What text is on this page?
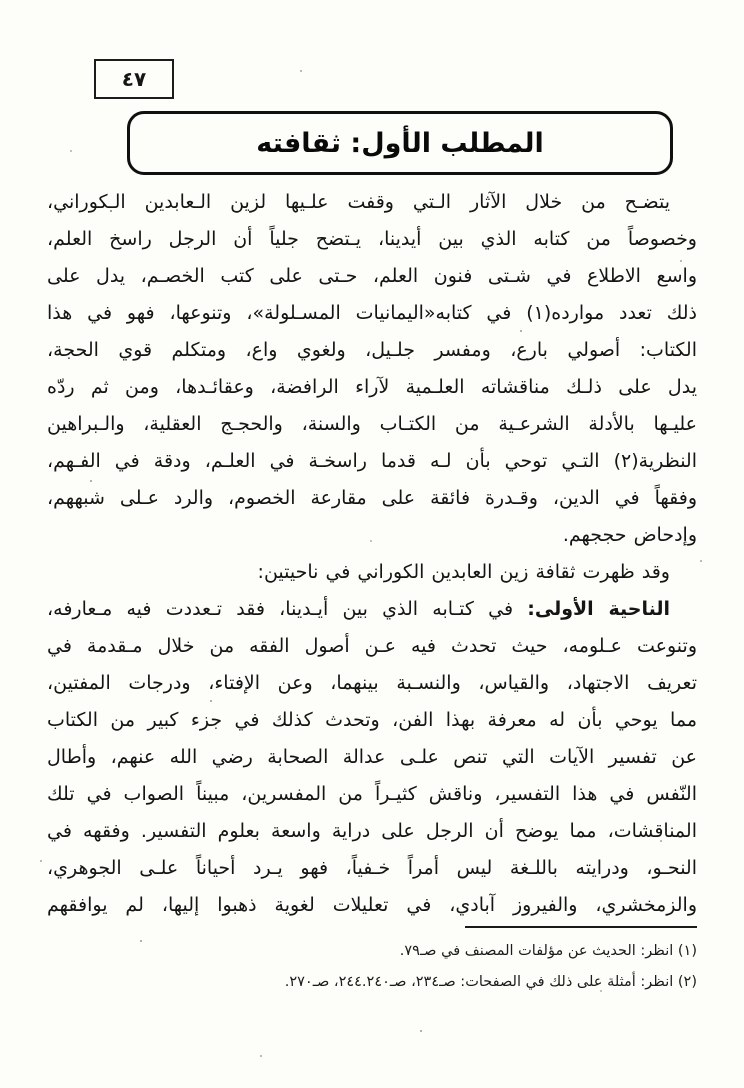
٤٧
المطلب الأول: ثقافته
يتضـح من خلال الآثار الـتي وقفت علـيها لزين الـعابدين الـكوراني،
وخصوصاً من كتابه الذي بين أيدينا، يـتضح جلياً أن الرجل راسخ العلم،
واسع الاطلاع في شـتى فنون العلم، حـتى على كتب الخصـم، يدل على
ذلك تعدد موارده(١) في كتابه«اليمانيات المسـلولة»، وتنوعها، فهو في هذا
الكتاب: أصولي بارع، ومفسر جلـيل، ولغوي واع، ومتكلم قوي الحجة،
يدل على ذلـك مناقشاته العلـمية لآراء الرافضة، وعقائـدها، ومن ثم ردّه
عليـها بالأدلة الشرعـية من الكتـاب والسنة، والحجـج العقلية، والـبراهين
النظرية(٢) التـي توحي بأن لـه قدما راسخـة في العلـم، ودقة في الفـهم،
وفقهاً في الدين، وقـدرة فائقة على مقارعة الخصوم، والرد عـلى شبههم،
وإدحاض حججهم.
وقد ظهرت ثقافة زين العابدين الكوراني في ناحيتين:
الناحية الأولى: في كتـابه الذي بين أيـدينا، فقد تـعددت فيه مـعارفه،
وتنوعت عـلومه، حيث تحدث فيه عـن أصول الفقه من خلال مـقدمة في
تعريف الاجتهاد، والقياس، والنسـبة بينهما، وعن الإفتاء، ودرجات المفتين،
مما يوحي بأن له معرفة بهذا الفن، وتحدث كذلك في جزء كبير من الكتاب
عن تفسير الآيات التي تنص علـى عدالة الصحابة رضي الله عنهم، وأطال
النّفس في هذا التفسير، وناقش كثيـراً من المفسرين، مبيناً الصواب في تلك
المناقشات، مما يوضح أن الرجل على دراية واسعة بعلوم التفسير. وفقهه في
النحـو، ودرايته باللـغة ليس أمراً خـفياً، فهو يـرد أحياناً علـى الجوهري،
والزمخشري، والفيروز آبادي، في تعليلات لغوية ذهبوا إليها، لم يوافقهم
(١) انظر: الحديث عن مؤلفات المصنف في صـ٧٩.
(٢) انظر: أمثلة على ذلك في الصفحات: صـ٢٣٤، صـ٢٤٤.٢٤٠، صـ٢٧٠.
